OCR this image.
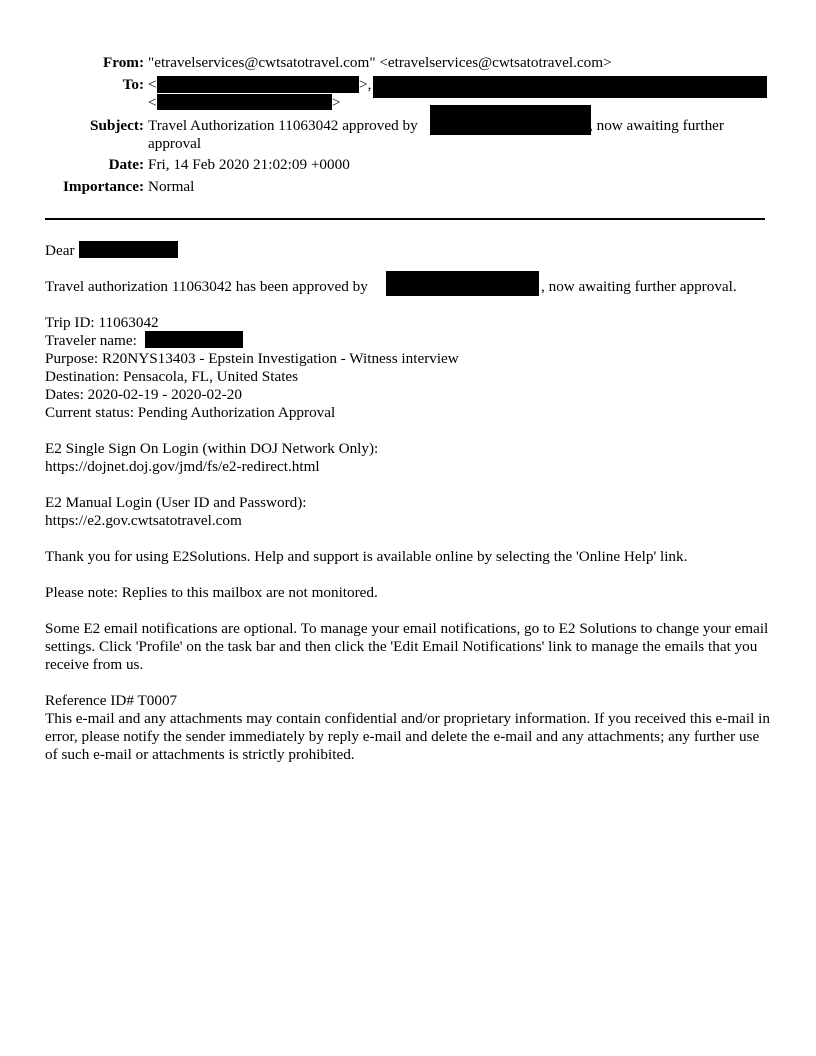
From: "etravelservices@cwtsatotravel.com" <etravelservices@cwtsatotravel.com>
To: <	>,
<	>
Subject: Travel Authorization 11063042 approved by	, now awaiting further
approval
Date: Fri, 14 Feb 2020 21:02:09 +0000
Importance: Normal
Dear
Travel authorization 11063042 has been approved by	, now awaiting further approval.
Trip ID: 11063042
Traveler name:
Purpose: R20NYS13403 - Epstein Investigation - Witness interview
Destination: Pensacola, FL, United States
Dates: 2020-02-19 - 2020-02-20
Current status: Pending Authorization Approval
E2 Single Sign On Login (within DOJ Network Only):
https://dojnet.doj.gov/jmd/fs/e2-redirect.html
E2 Manual Login (User ID and Password):
https://e2.gov.cwtsatotravel.com
Thank you for using E2Solutions. Help and support is available online by selecting the 'Online Help' link.
Please note: Replies to this mailbox are not monitored.
Some E2 email notifications are optional. To manage your email notifications, go to E2 Solutions to change your email settings. Click 'Profile' on the task bar and then click the 'Edit Email Notifications' link to manage the emails that you receive from us.
Reference ID# T0007
This e-mail and any attachments may contain confidential and/or proprietary information. If you received this e-mail in error, please notify the sender immediately by reply e-mail and delete the e-mail and any attachments; any further use of such e-mail or attachments is strictly prohibited.
